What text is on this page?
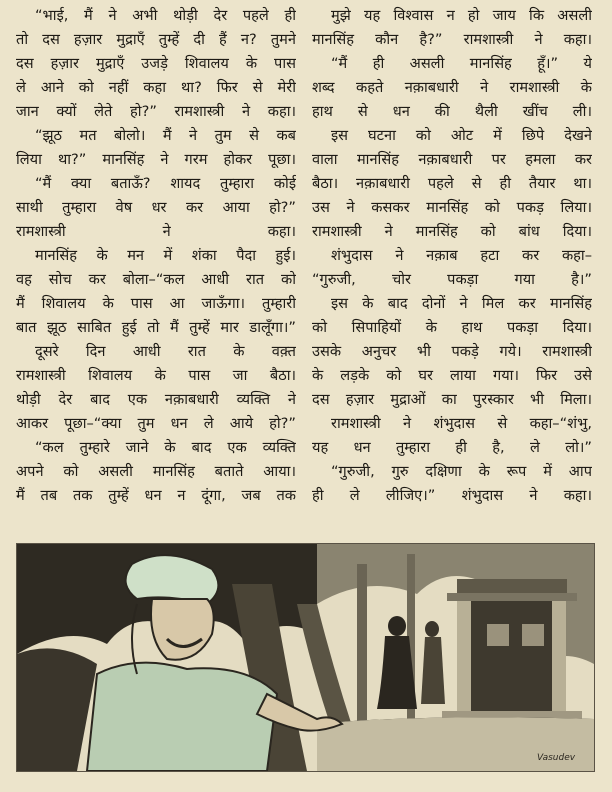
“भाई, मैं ने अभी थोड़ी देर पहले ही
तो दस हज़ार मुद्राएँ तुम्हें दी हैं न? तुमने
दस हज़ार मुद्राएँ उजड़े शिवालय के पास
ले आने को नहीं कहा था? फिर से मेरी
जान क्यों लेते हो?” रामशास्त्री ने कहा।

“झूठ मत बोलो। मैं ने तुम से कब
लिया था?” मानसिंह ने गरम होकर पूछा।

“मैं क्या बताऊँ? शायद तुम्हारा कोई
साथी तुम्हारा वेष धर कर आया हो?”
रामशास्त्री ने कहा।

मानसिंह के मन में शंका पैदा हुई।
वह सोच कर बोला–“कल आधी रात को
मैं शिवालय के पास आ जाऊँगा। तुम्हारी
बात झूठ साबित हुई तो मैं तुम्हें मार डालूँगा।”

दूसरे दिन आधी रात के वक़्त
रामशास्त्री शिवालय के पास जा बैठा।
थोड़ी देर बाद एक नक़ाबधारी व्यक्ति ने
आकर पूछा–“क्या तुम धन ले आये हो?”

“कल तुम्हारे जाने के बाद एक व्यक्ति
अपने को असली मानसिंह बताते आया।
मैं तब तक तुम्हें धन न दूंगा, जब तक

मुझे यह विश्वास न हो जाय कि असली
मानसिंह कौन है?” रामशास्त्री ने कहा।

“मैं ही असली मानसिंह हूँ।” ये
शब्द कहते नक़ाबधारी ने रामशास्त्री के
हाथ से धन की थैली खींच ली।

इस घटना को ओट में छिपे देखने
वाला मानसिंह नक़ाबधारी पर हमला कर
बैठा। नक़ाबधारी पहले से ही तैयार था।
उस ने कसकर मानसिंह को पकड़ लिया।
रामशास्त्री ने मानसिंह को बांध दिया।

शंभुदास ने नक़ाब हटा कर कहा–
“गुरुजी, चोर पकड़ा गया है।”

इस के बाद दोनों ने मिल कर मानसिंह
को सिपाहियों के हाथ पकड़ा दिया।
उसके अनुचर भी पकड़े गये। रामशास्त्री
के लड़के को घर लाया गया। फिर उसे
दस हज़ार मुद्राओं का पुरस्कार भी मिला।

रामशास्त्री ने शंभुदास से कहा–“शंभु,
यह धन तुम्हारा ही है, ले लो।”

“गुरुजी, गुरु दक्षिणा के रूप में आप
ही ले लीजिए।” शंभुदास ने कहा।

Vasudev
